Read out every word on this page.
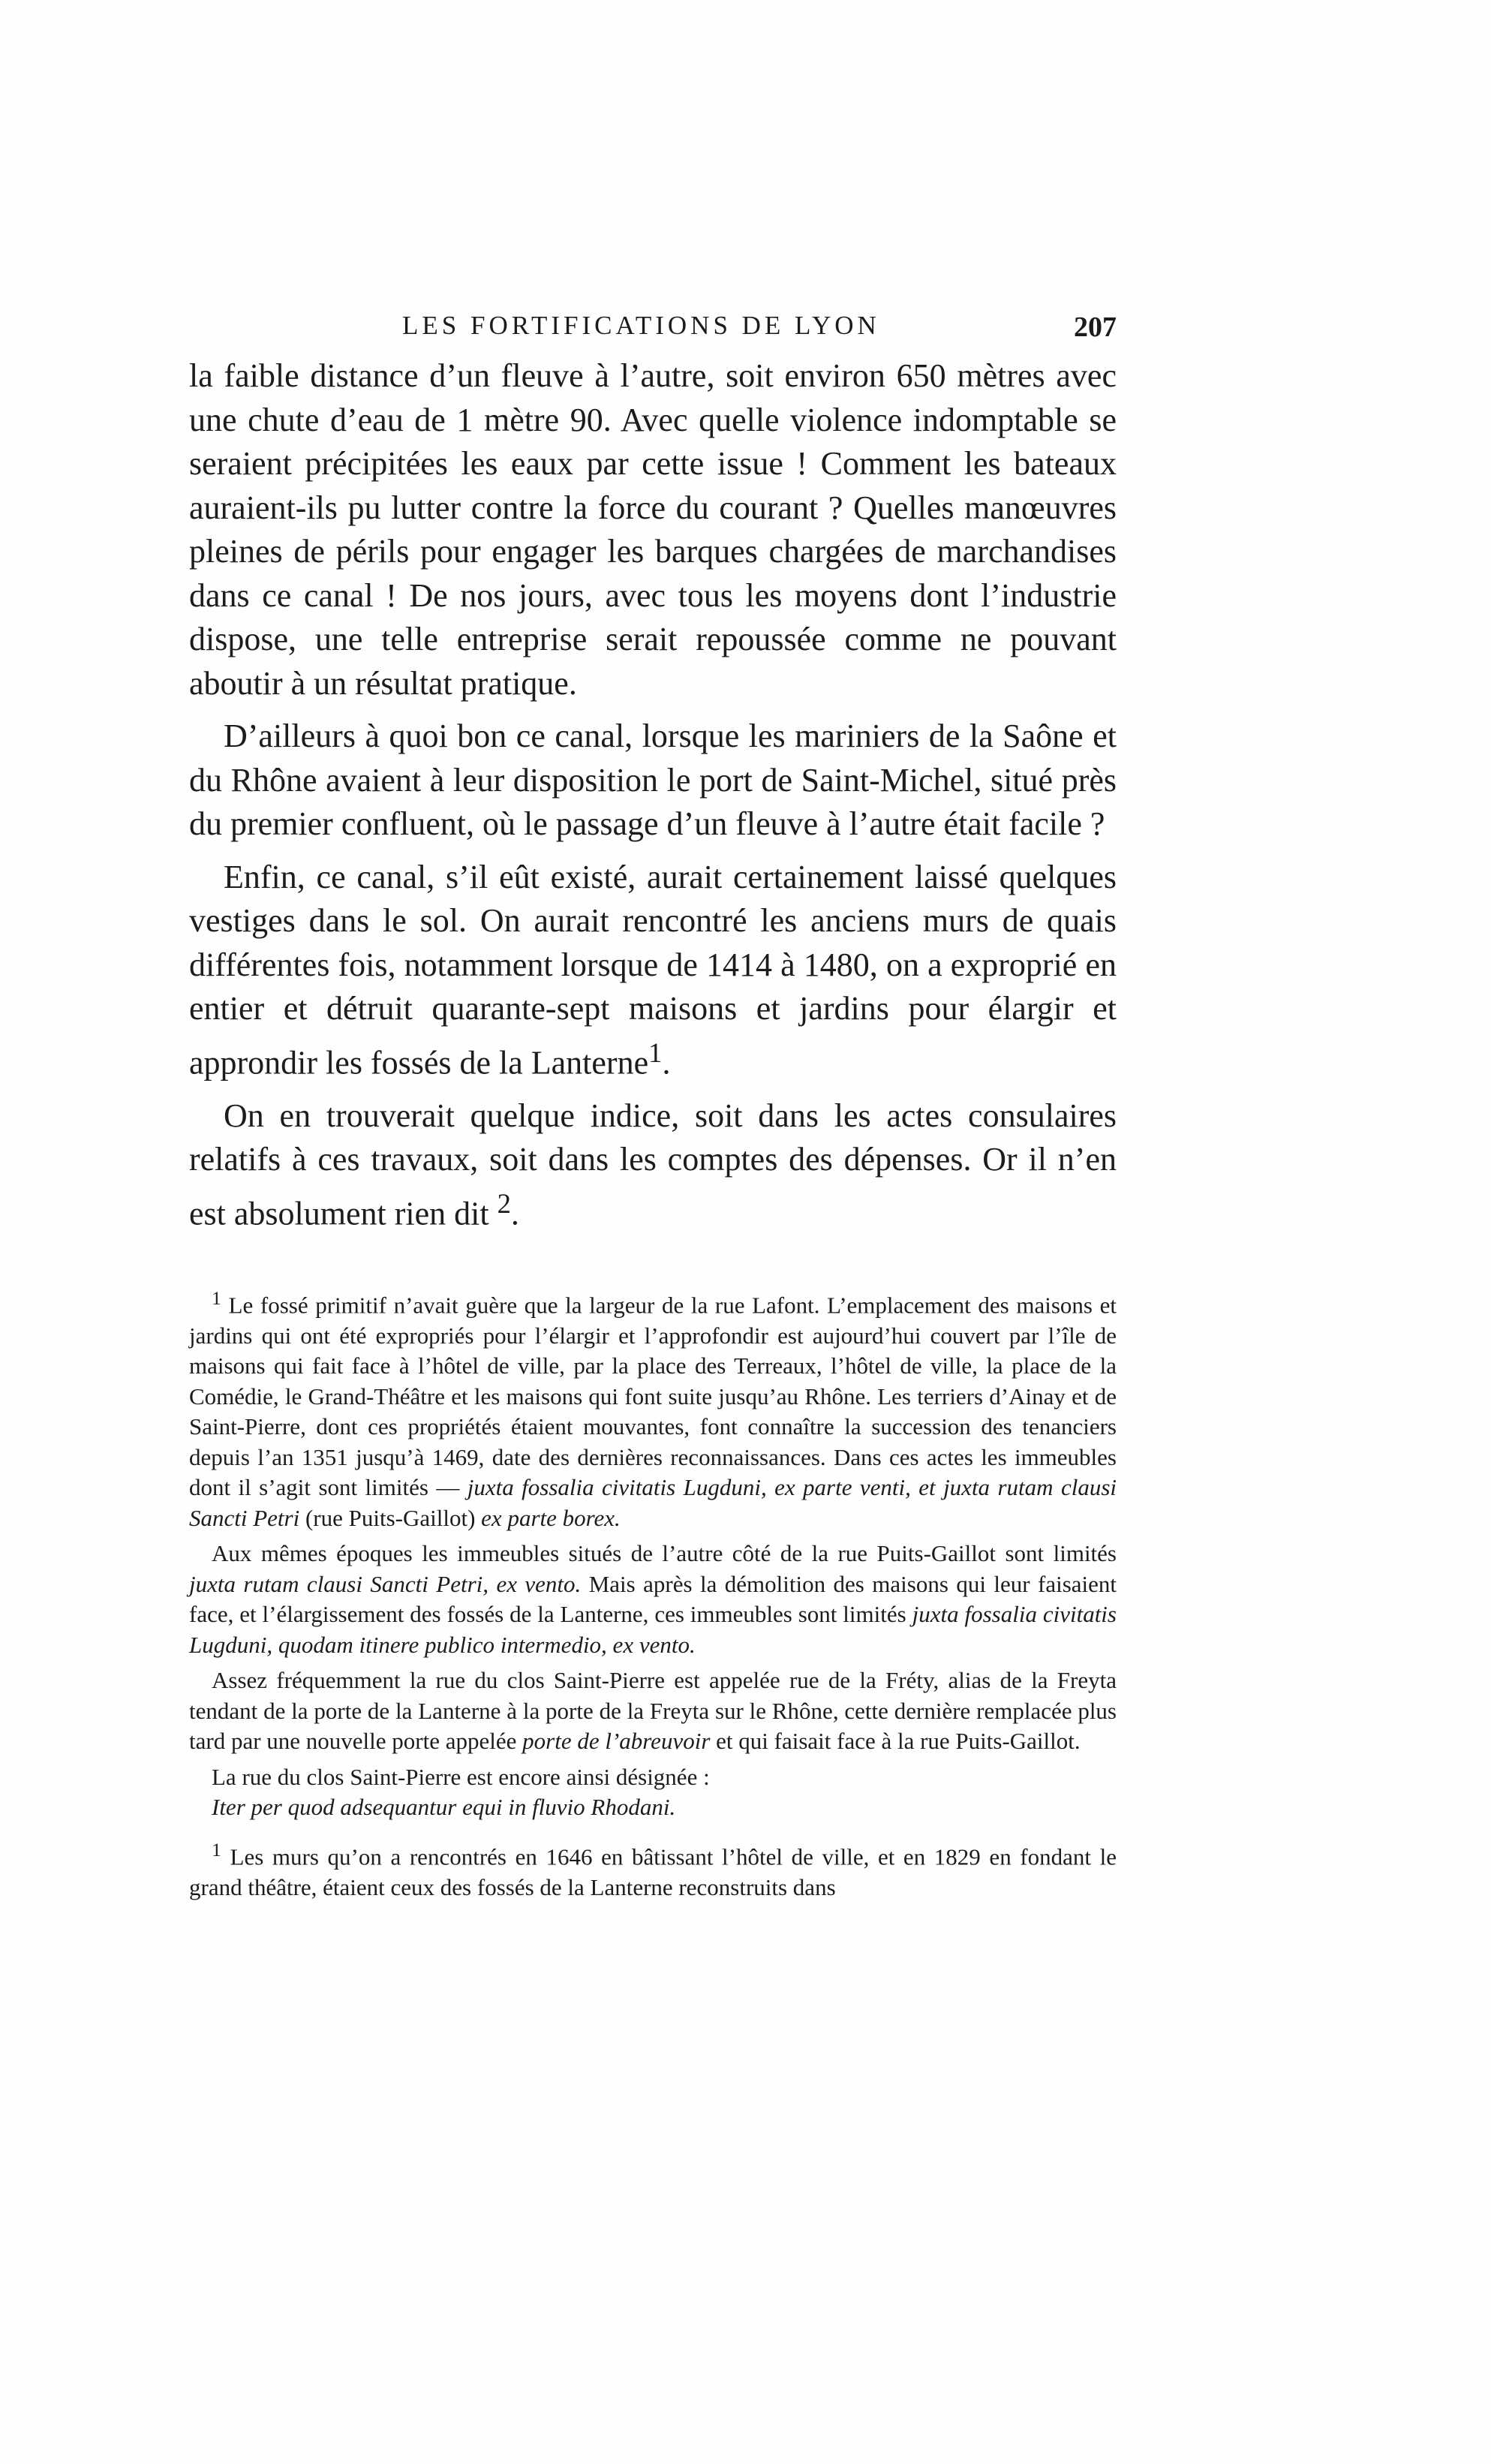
LES FORTIFICATIONS DE LYON	207

la faible distance d’un fleuve à l’autre, soit environ 650 mètres avec une chute d’eau de 1 mètre 90. Avec quelle violence indomptable se seraient précipitées les eaux par cette issue ! Comment les bateaux auraient-ils pu lutter contre la force du courant ? Quelles manœuvres pleines de périls pour engager les barques chargées de marchandises dans ce canal ! De nos jours, avec tous les moyens dont l’industrie dispose, une telle entreprise serait repoussée comme ne pouvant aboutir à un résultat pratique.

D’ailleurs à quoi bon ce canal, lorsque les mariniers de la Saône et du Rhône avaient à leur disposition le port de Saint-Michel, situé près du premier confluent, où le passage d’un fleuve à l’autre était facile ?

Enfin, ce canal, s’il eût existé, aurait certainement laissé quelques vestiges dans le sol. On aurait rencontré les anciens murs de quais différentes fois, notamment lorsque de 1414 à 1480, on a exproprié en entier et détruit quarante-sept maisons et jardins pour élargir et approndir les fossés de la Lanterne$^1$.

On en trouverait quelque indice, soit dans les actes consulaires relatifs à ces travaux, soit dans les comptes des dépenses. Or il n’en est absolument rien dit $^2$.

$^1$ Le fossé primitif n’avait guère que la largeur de la rue Lafont. L’emplacement des maisons et jardins qui ont été expropriés pour l’élargir et l’approfondir est aujourd’hui couvert par l’île de maisons qui fait face à l’hôtel de ville, par la place des Terreaux, l’hôtel de ville, la place de la Comédie, le Grand-Théâtre et les maisons qui font suite jusqu’au Rhône. Les terriers d’Ainay et de Saint-Pierre, dont ces propriétés étaient mouvantes, font connaître la succession des tenanciers depuis l’an 1351 jusqu’à 1469, date des dernières reconnaissances. Dans ces actes les immeubles dont il s’agit sont limités — juxta fossalia civitatis Lugduni, ex parte venti, et juxta rutam clausi Sancti Petri (rue Puits-Gaillot) ex parte borex.

Aux mêmes époques les immeubles situés de l’autre côté de la rue Puits-Gaillot sont limités juxta rutam clausi Sancti Petri, ex vento. Mais après la démolition des maisons qui leur faisaient face, et l’élargissement des fossés de la Lanterne, ces immeubles sont limités juxta fossalia civitatis Lugduni, quodam itinere publico intermedio, ex vento.

Assez fréquemment la rue du clos Saint-Pierre est appelée rue de la Fréty, alias de la Freyta tendant de la porte de la Lanterne à la porte de la Freyta sur le Rhône, cette dernière remplacée plus tard par une nouvelle porte appelée porte de l’abreuvoir et qui faisait face à la rue Puits-Gaillot.

La rue du clos Saint-Pierre est encore ainsi désignée :

Iter per quod adsequantur equi in fluvio Rhodani.

$^1$ Les murs qu’on a rencontrés en 1646 en bâtissant l’hôtel de ville, et en 1829 en fondant le grand théâtre, étaient ceux des fossés de la Lanterne reconstruits dans
